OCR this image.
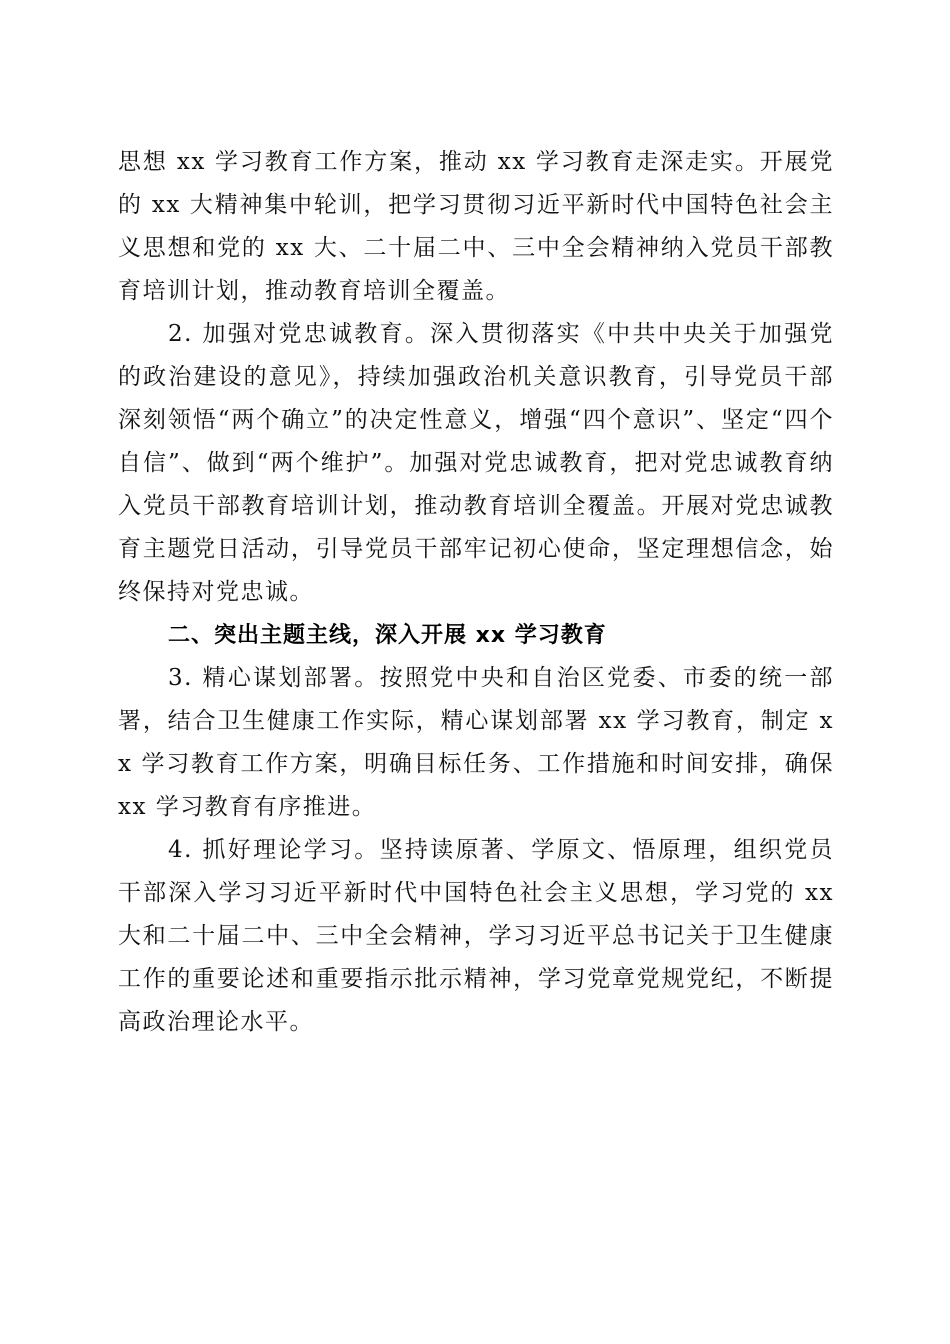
思想 xx 学习教育工作方案，推动 xx 学习教育走深走实。开展党的 xx 大精神集中轮训，把学习贯彻习近平新时代中国特色社会主义思想和党的 xx 大、二十届二中、三中全会精神纳入党员干部教育培训计划，推动教育培训全覆盖。

2. 加强对党忠诚教育。深入贯彻落实《中共中央关于加强党的政治建设的意见》，持续加强政治机关意识教育，引导党员干部深刻领悟“两个确立”的决定性意义，增强“四个意识”、坚定“四个自信”、做到“两个维护”。加强对党忠诚教育，把对党忠诚教育纳入党员干部教育培训计划，推动教育培训全覆盖。开展对党忠诚教育主题党日活动，引导党员干部牢记初心使命，坚定理想信念，始终保持对党忠诚。

二、突出主题主线，深入开展 xx 学习教育

3. 精心谋划部署。按照党中央和自治区党委、市委的统一部署，结合卫生健康工作实际，精心谋划部署 xx 学习教育，制定 xx 学习教育工作方案，明确目标任务、工作措施和时间安排，确保 xx 学习教育有序推进。

4. 抓好理论学习。坚持读原著、学原文、悟原理，组织党员干部深入学习习近平新时代中国特色社会主义思想，学习党的 xx 大和二十届二中、三中全会精神，学习习近平总书记关于卫生健康工作的重要论述和重要指示批示精神，学习党章党规党纪，不断提高政治理论水平。
